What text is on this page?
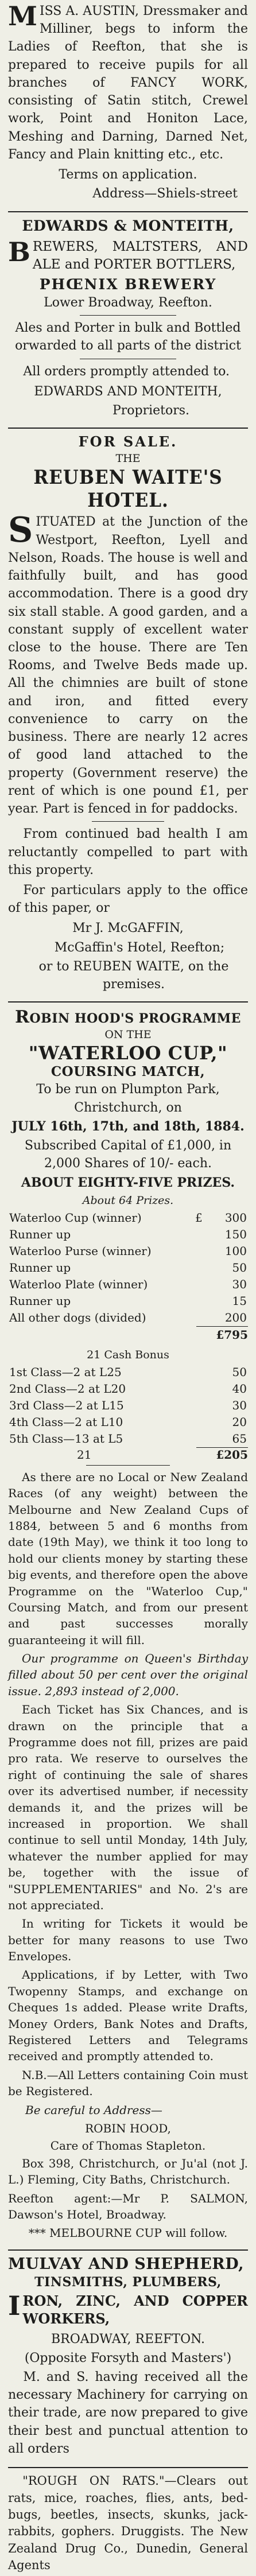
MISS A. AUSTIN, Dressmaker and Milliner, begs to inform the Ladies of Reefton, that she is prepared to receive pupils for all branches of FANCY WORK, consisting of Satin stitch, Crewel work, Point and Honiton Lace, Meshing and Darning, Darned Net, Fancy and Plain knitting etc., etc.

Terms on application.

Address—Shiels-street

EDWARDS & MONTEITH,

BREWERS, MALTSTERS, AND ALE and PORTER BOTTLERS,

PHŒNIX BREWERY

Lower Broadway, Reefton.

Ales and Porter in bulk and Bottled orwarded to all parts of the district

All orders promptly attended to.

EDWARDS AND MONTEITH,

Proprietors.

FOR SALE.
THE
REUBEN WAITE'S HOTEL.

SITUATED at the Junction of the Westport, Reefton, Lyell and Nelson, Roads. The house is well and faithfully built, and has good accommodation. There is a good dry six stall stable. A good garden, and a constant supply of excellent water close to the house. There are Ten Rooms, and Twelve Beds made up. All the chimnies are built of stone and iron, and fitted every convenience to carry on the business. There are nearly 12 acres of good land attached to the property (Government reserve) the rent of which is one pound £1, per year. Part is fenced in for paddocks.

From continued bad health I am reluctantly compelled to part with this property.

For particulars apply to the office of this paper, or

Mr J. McGAFFIN,

McGaffin's Hotel, Reefton;

or to REUBEN WAITE, on the premises.

ROBIN HOOD'S PROGRAMME
ON THE
"WATERLOO CUP,"
COURSING MATCH,

To be run on Plumpton Park, Christchurch, on

JULY 16th, 17th, and 18th, 1884.

Subscribed Capital of £1,000, in 2,000 Shares of 10/- each.

ABOUT EIGHTY-FIVE PRIZES.

About 64 Prizes.

Waterloo Cup (winner)	£	300
Runner up		150
Waterloo Purse (winner)		100
Runner up		50
Waterloo Plate (winner)		30
Runner up		15
All other dogs (divided)		200
£795

21 Cash Bonus

1st Class—2 at L25	50
2nd Class—2 at L20	40
3rd Class—2 at L15	30
4th Class—2 at L10	20
5th Class—13 at L5	65
21	£205

As there are no Local or New Zealand Races (of any weight) between the Melbourne and New Zealand Cups of 1884, between 5 and 6 months from date (19th May), we think it too long to hold our clients money by starting these big events, and therefore open the above Programme on the "Waterloo Cup," Coursing Match, and from our present and past successes morally guaranteeing it will fill.

Our programme on Queen's Birthday filled about 50 per cent over the original issue. 2,893 instead of 2,000.

Each Ticket has Six Chances, and is drawn on the principle that a Programme does not fill, prizes are paid pro rata. We reserve to ourselves the right of continuing the sale of shares over its advertised number, if necessity demands it, and the prizes will be increased in proportion. We shall continue to sell until Monday, 14th July, whatever the number applied for may be, together with the issue of "SUPPLEMENTARIES" and No. 2's are not appreciated.

In writing for Tickets it would be better for many reasons to use Two Envelopes.

Applications, if by Letter, with Two Twopenny Stamps, and exchange on Cheques 1s added. Please write Drafts, Money Orders, Bank Notes and Drafts, Registered Letters and Telegrams received and promptly attended to.

N.B.—All Letters containing Coin must be Registered.

Be careful to Address—

ROBIN HOOD,

Care of Thomas Stapleton.

Box 398, Christchurch, or Ju'al (not J. L.) Fleming, City Baths, Christchurch.

Reefton agent:—Mr P. SALMON, Dawson's Hotel, Broadway.

*** MELBOURNE CUP will follow.

MULVAY AND SHEPHERD,
TINSMITHS, PLUMBERS,

IRON, ZINC, AND COPPER WORKERS,

BROADWAY, REEFTON.

(Opposite Forsyth and Masters')

M. and S. having received all the necessary Machinery for carrying on their trade, are now prepared to give their best and punctual attention to all orders

"ROUGH ON RATS."—Clears out rats, mice, roaches, flies, ants, bed-bugs, beetles, insects, skunks, jack-rabbits, gophers. Druggists. The New Zealand Drug Co., Dunedin, General Agents
